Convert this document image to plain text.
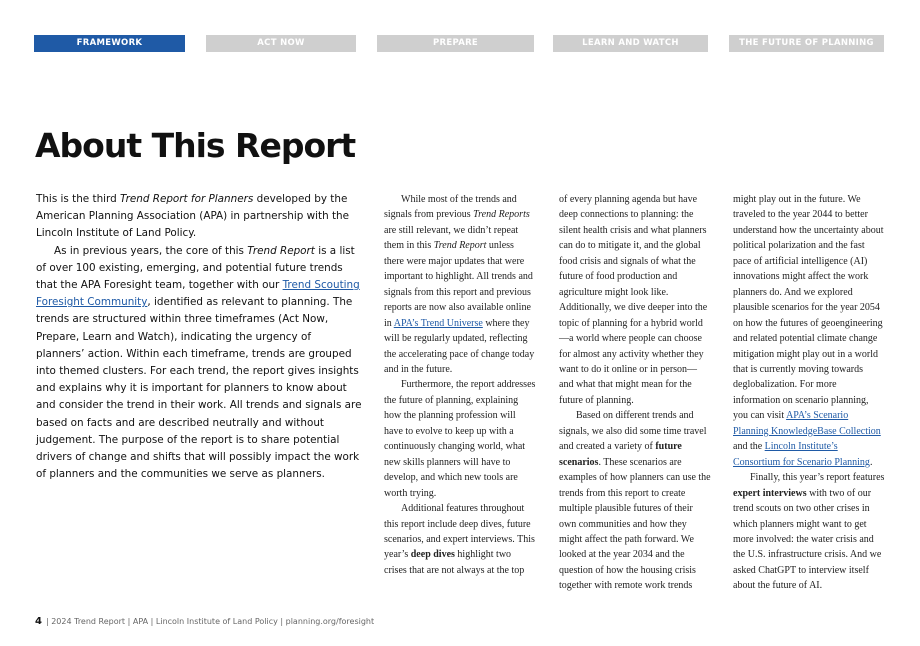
FRAMEWORK	ACT NOW	PREPARE	LEARN AND WATCH	THE FUTURE OF PLANNING
About This Report

This is the third Trend Report for Planners developed by the American Planning Association (APA) in partnership with the Lincoln Institute of Land Policy.

As in previous years, the core of this Trend Report is a list of over 100 existing, emerging, and potential future trends that the APA Foresight team, together with our Trend Scouting Foresight Community, identified as relevant to planning. The trends are structured within three timeframes (Act Now, Prepare, Learn and Watch), indicating the urgency of planners’ action. Within each timeframe, trends are grouped into themed clusters. For each trend, the report gives insights and explains why it is important for planners to know about and consider the trend in their work. All trends and signals are based on facts and are described neutrally and without judgement. The purpose of the report is to share potential drivers of change and shifts that will possibly impact the work of planners and the communities we serve as planners.

While most of the trends and signals from previous Trend Reports are still relevant, we didn’t repeat them in this Trend Report unless there were major updates that were important to highlight. All trends and signals from this report and previous reports are now also available online in APA’s Trend Universe where they will be regularly updated, reflecting the accelerating pace of change today and in the future.

Furthermore, the report addresses the future of planning, explaining how the planning profession will have to evolve to keep up with a continuously changing world, what new skills planners will have to develop, and which new tools are worth trying.

Additional features throughout this report include deep dives, future scenarios, and expert interviews. This year’s deep dives highlight two crises that are not always at the top

of every planning agenda but have deep connections to planning: the silent health crisis and what planners can do to mitigate it, and the global food crisis and signals of what the future of food production and agriculture might look like. Additionally, we dive deeper into the topic of planning for a hybrid world—a world where people can choose for almost any activity whether they want to do it online or in person—and what that might mean for the future of planning.

Based on different trends and signals, we also did some time travel and created a variety of future scenarios. These scenarios are examples of how planners can use the trends from this report to create multiple plausible futures of their own communities and how they might affect the path forward. We looked at the year 2034 and the question of how the housing crisis together with remote work trends

might play out in the future. We traveled to the year 2044 to better understand how the uncertainty about political polarization and the fast pace of artificial intelligence (AI) innovations might affect the work planners do. And we explored plausible scenarios for the year 2054 on how the futures of geoengineering and related potential climate change mitigation might play out in a world that is currently moving towards deglobalization. For more information on scenario planning, you can visit APA’s Scenario Planning KnowledgeBase Collection and the Lincoln Institute’s Consortium for Scenario Planning.

Finally, this year’s report features expert interviews with two of our trend scouts on two other crises in which planners might want to get more involved: the water crisis and the U.S. infrastructure crisis. And we asked ChatGPT to interview itself about the future of AI.

4 | 2024 Trend Report | APA | Lincoln Institute of Land Policy | planning.org/foresight
